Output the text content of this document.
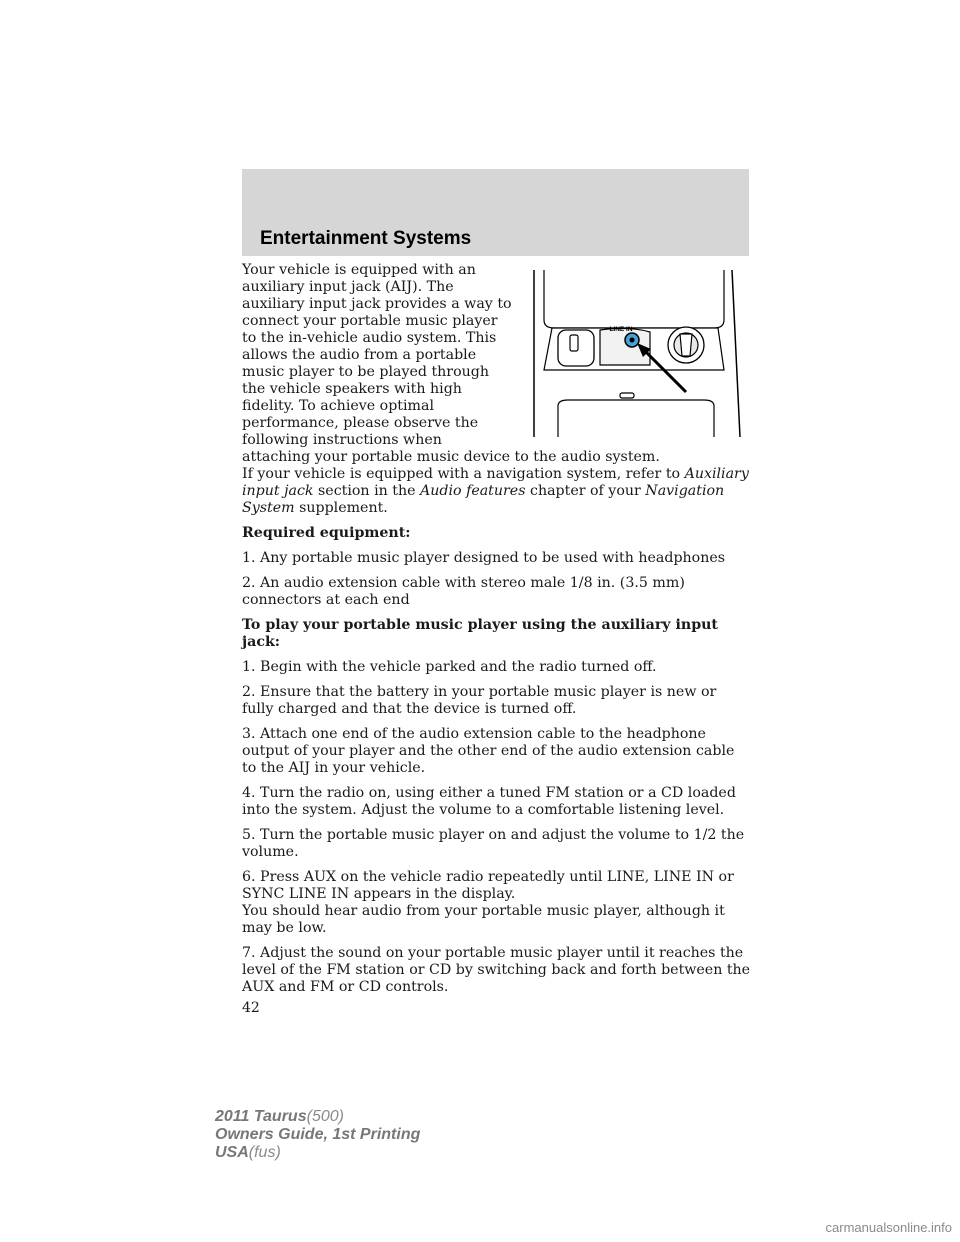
Entertainment Systems
LINE IN

Your vehicle is equipped with an auxiliary input jack (AIJ). The auxiliary input jack provides a way to connect your portable music player to the in-vehicle audio system. This allows the audio from a portable music player to be played through the vehicle speakers with high fidelity. To achieve optimal performance, please observe the following instructions when

attaching your portable music device to the audio system.

If your vehicle is equipped with a navigation system, refer to Auxiliary input jack section in the Audio features chapter of your Navigation System supplement.

Required equipment:

1. Any portable music player designed to be used with headphones

2. An audio extension cable with stereo male 1/8 in. (3.5 mm) connectors at each end

To play your portable music player using the auxiliary input jack:

1. Begin with the vehicle parked and the radio turned off.

2. Ensure that the battery in your portable music player is new or fully charged and that the device is turned off.

3. Attach one end of the audio extension cable to the headphone output of your player and the other end of the audio extension cable to the AIJ in your vehicle.

4. Turn the radio on, using either a tuned FM station or a CD loaded into the system. Adjust the volume to a comfortable listening level.

5. Turn the portable music player on and adjust the volume to 1/2 the volume.

6. Press AUX on the vehicle radio repeatedly until LINE, LINE IN or SYNC LINE IN appears in the display.

You should hear audio from your portable music player, although it may be low.

7. Adjust the sound on your portable music player until it reaches the level of the FM station or CD by switching back and forth between the AUX and FM or CD controls.

42
2011 Taurus(500)
Owners Guide, 1st Printing
USA(fus)
carmanualsonline.info
